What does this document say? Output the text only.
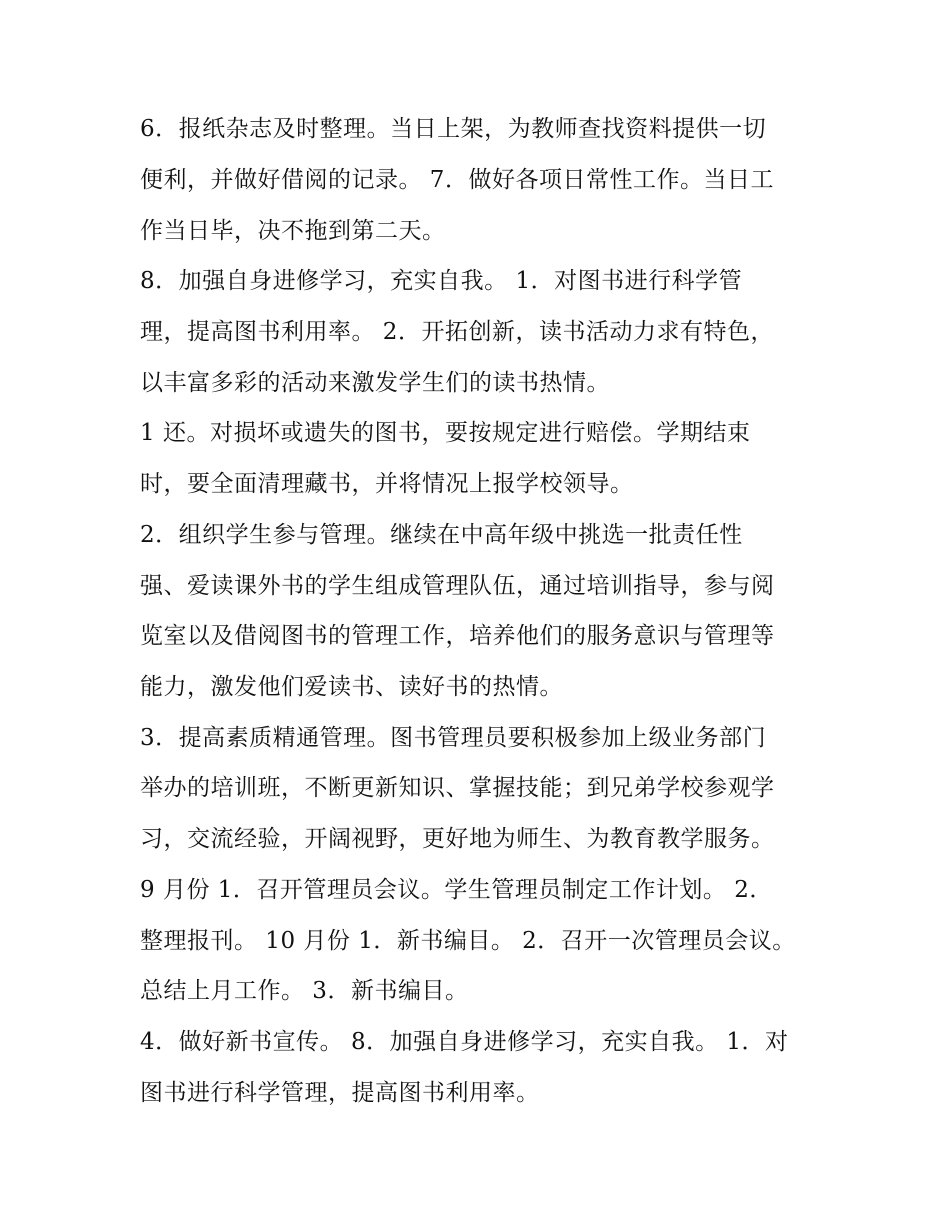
6．报纸杂志及时整理。当日上架，为教师查找资料提供一切
便利，并做好借阅的记录。 7．做好各项日常性工作。当日工
作当日毕，决不拖到第二天。
8．加强自身进修学习，充实自我。 1．对图书进行科学管
理，提高图书利用率。 2．开拓创新，读书活动力求有特色，
以丰富多彩的活动来激发学生们的读书热情。
1 还。对损坏或遗失的图书，要按规定进行赔偿。学期结束
时，要全面清理藏书，并将情况上报学校领导。
2．组织学生参与管理。继续在中高年级中挑选一批责任性
强、爱读课外书的学生组成管理队伍，通过培训指导，参与阅
览室以及借阅图书的管理工作，培养他们的服务意识与管理等
能力，激发他们爱读书、读好书的热情。
3．提高素质精通管理。图书管理员要积极参加上级业务部门
举办的培训班，不断更新知识、掌握技能；到兄弟学校参观学
习，交流经验，开阔视野，更好地为师生、为教育教学服务。
9 月份 1．召开管理员会议。学生管理员制定工作计划。 2．
整理报刊。 10 月份 1．新书编目。 2．召开一次管理员会议。
总结上月工作。 3．新书编目。
4．做好新书宣传。 8．加强自身进修学习，充实自我。 1．对
图书进行科学管理，提高图书利用率。
